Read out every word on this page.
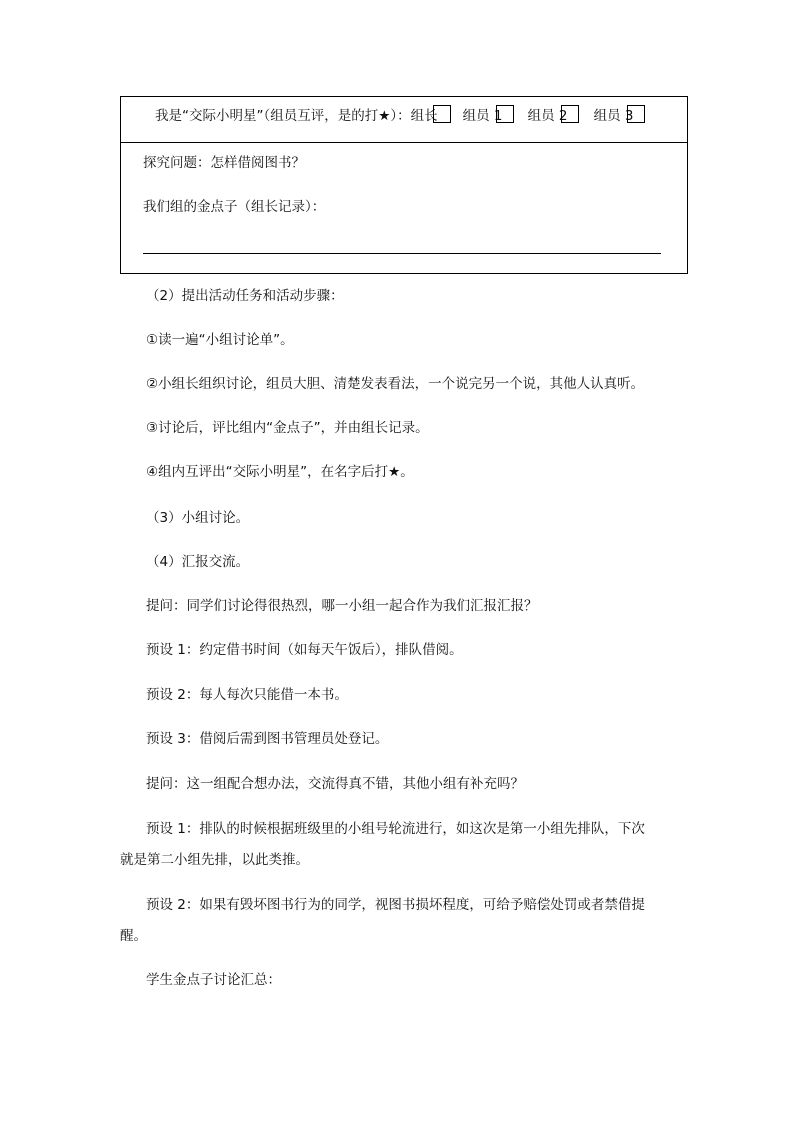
我是“交际小明星”（组员互评，是的打★）： 组长 组员 1 组员 2 组员 3
探究问题：怎样借阅图书？
我们组的金点子（组长记录）：
（2）提出活动任务和活动步骤：
①读一遍“小组讨论单”。
②小组长组织讨论，组员大胆、清楚发表看法，一个说完另一个说，其他人认真听。
③讨论后，评比组内“金点子”，并由组长记录。
④组内互评出“交际小明星”，在名字后打★。
（3）小组讨论。
（4）汇报交流。
提问：同学们讨论得很热烈，哪一小组一起合作为我们汇报汇报？
预设 1：约定借书时间（如每天午饭后），排队借阅。
预设 2：每人每次只能借一本书。
预设 3：借阅后需到图书管理员处登记。
提问：这一组配合想办法，交流得真不错，其他小组有补充吗？
预设 1：排队的时候根据班级里的小组号轮流进行，如这次是第一小组先排队，下次
就是第二小组先排，以此类推。
预设 2：如果有毁坏图书行为的同学，视图书损坏程度，可给予赔偿处罚或者禁借提
醒。
学生金点子讨论汇总：
